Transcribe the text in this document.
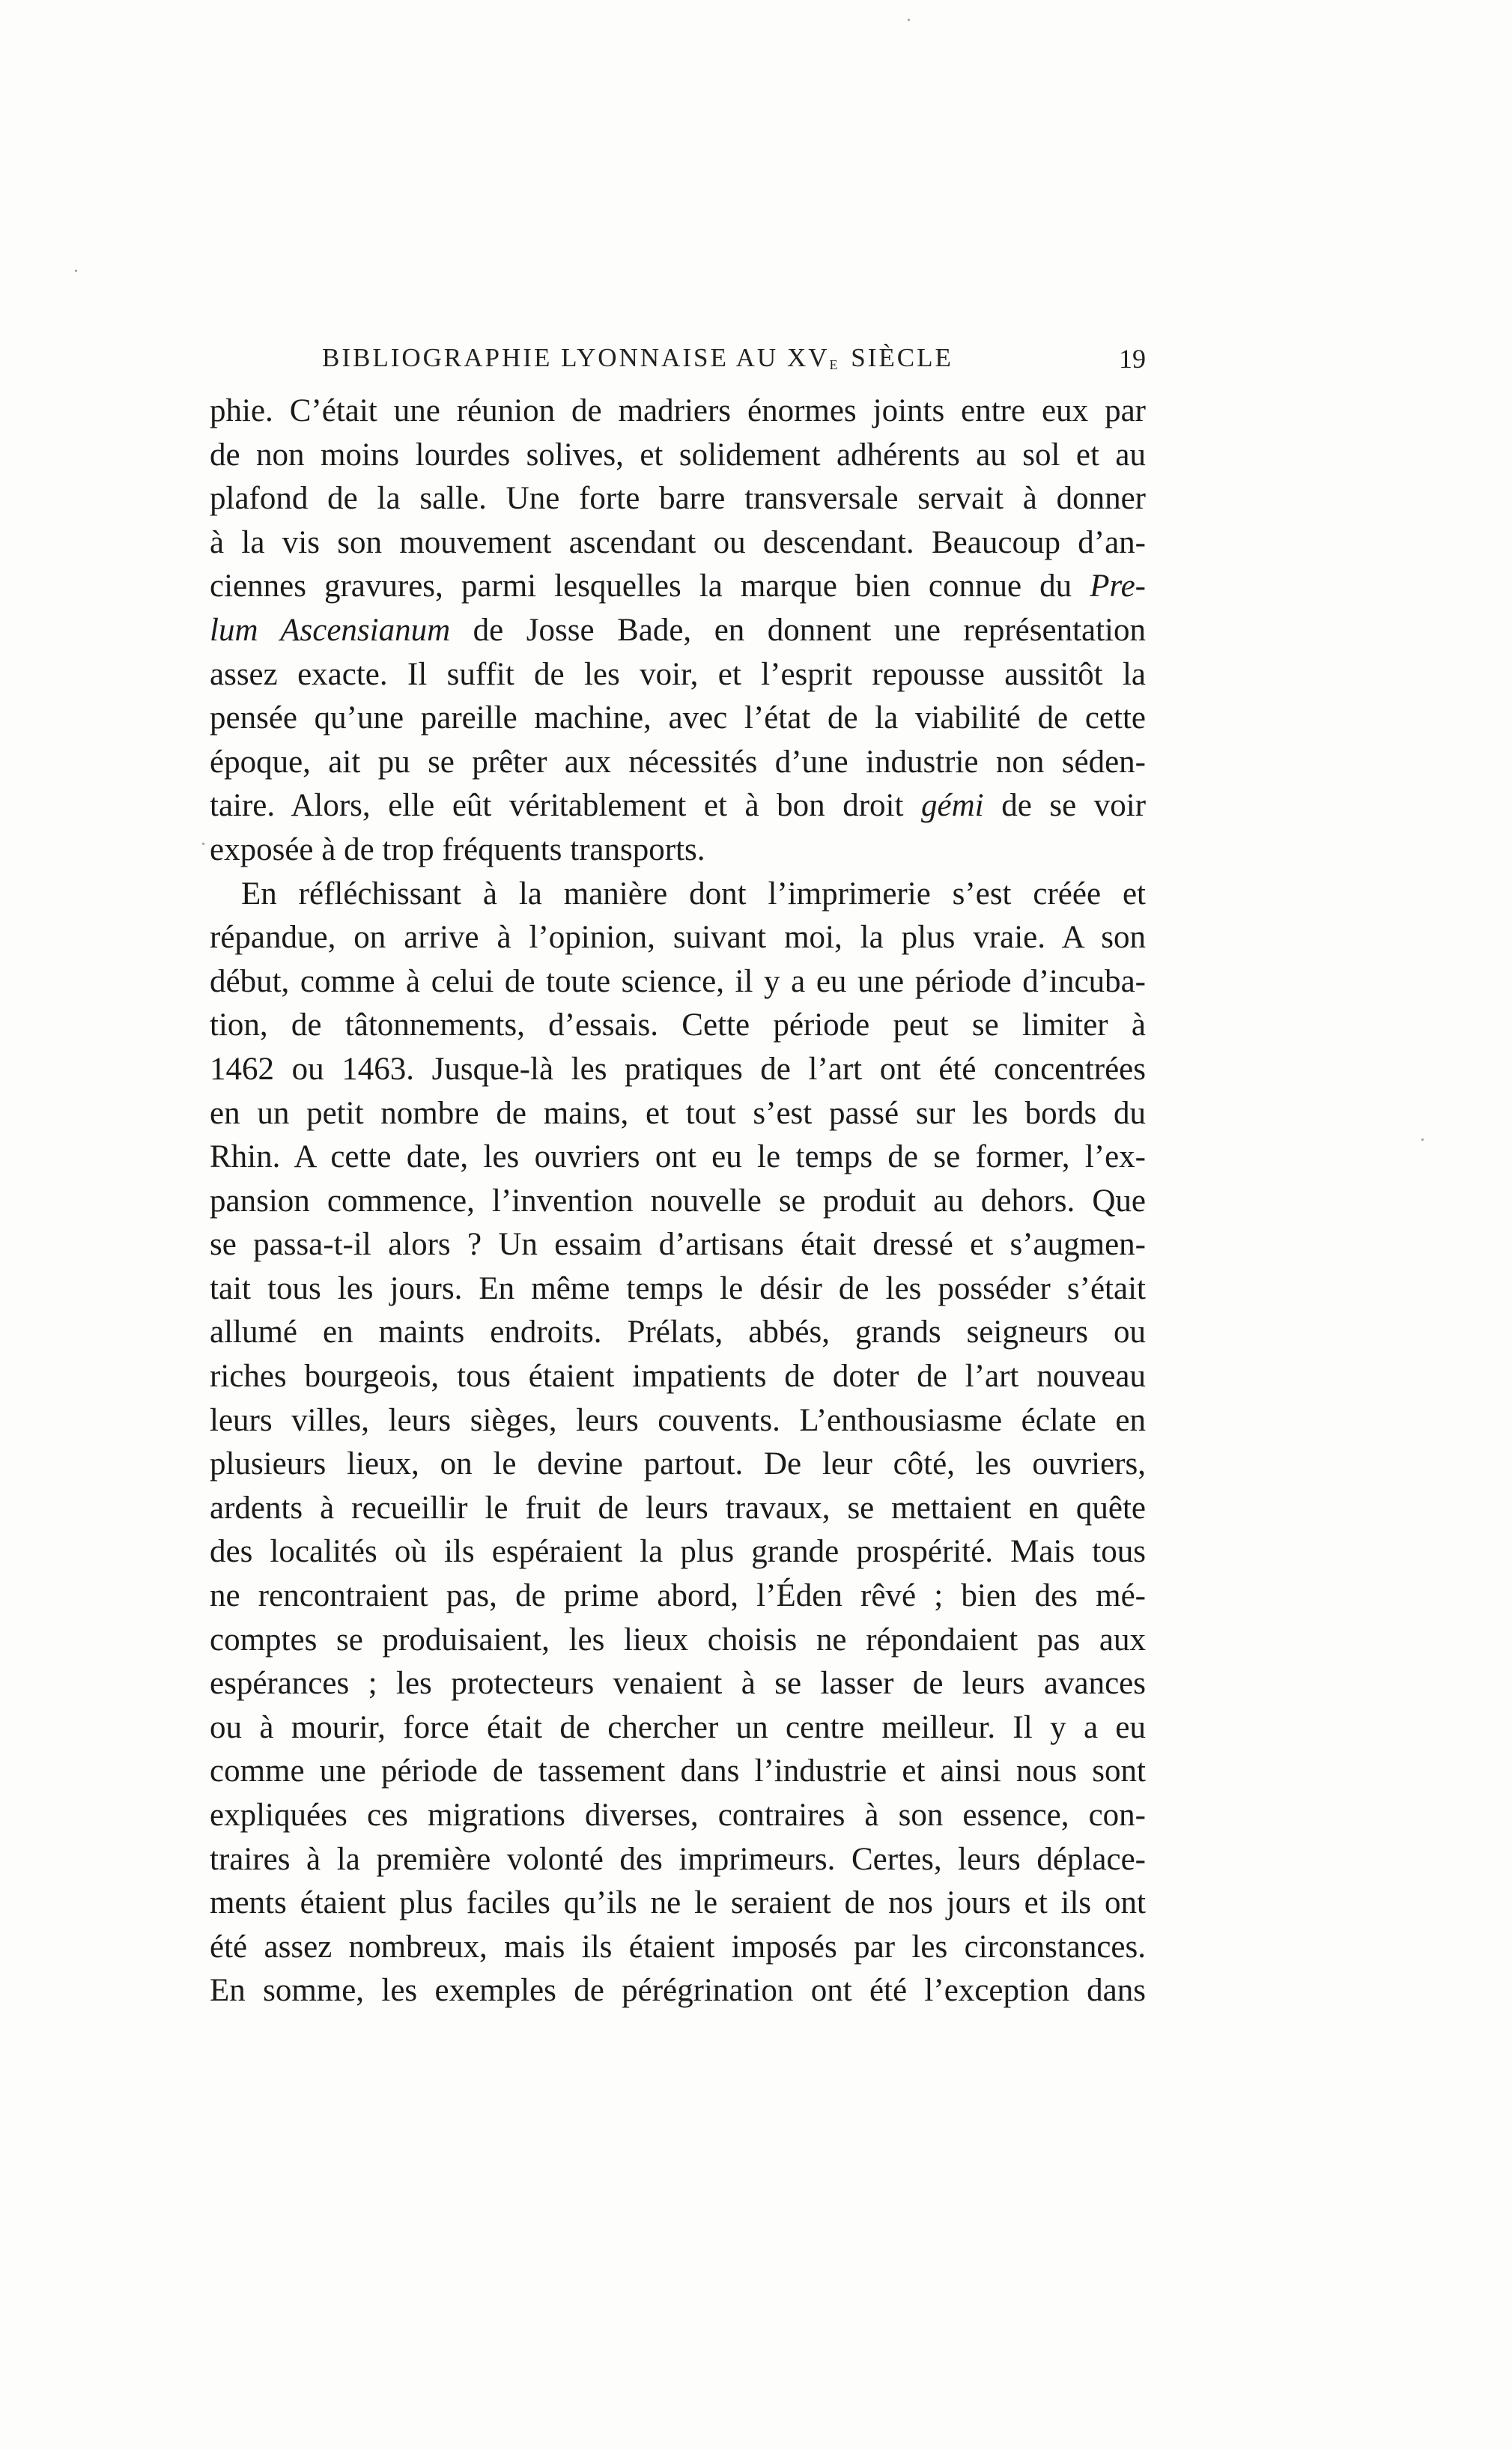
BIBLIOGRAPHIE LYONNAISE AU $XV_E$ SIÈCLE	19
phie. C’était une réunion de madriers énormes joints entre eux par
de non moins lourdes solives, et solidement adhérents au sol et au
plafond de la salle. Une forte barre transversale servait à donner
à la vis son mouvement ascendant ou descendant. Beaucoup d’an-
ciennes gravures, parmi lesquelles la marque bien connue du Pre-
lum Ascensianum de Josse Bade, en donnent une représentation
assez exacte. Il suffit de les voir, et l’esprit repousse aussitôt la
pensée qu’une pareille machine, avec l’état de la viabilité de cette
époque, ait pu se prêter aux nécessités d’une industrie non séden-
taire. Alors, elle eût véritablement et à bon droit gémi de se voir
exposée à de trop fréquents transports.
En réfléchissant à la manière dont l’imprimerie s’est créée et
répandue, on arrive à l’opinion, suivant moi, la plus vraie. A son
début, comme à celui de toute science, il y a eu une période d’incuba-
tion, de tâtonnements, d’essais. Cette période peut se limiter à
1462 ou 1463. Jusque-là les pratiques de l’art ont été concentrées
en un petit nombre de mains, et tout s’est passé sur les bords du
Rhin. A cette date, les ouvriers ont eu le temps de se former, l’ex-
pansion commence, l’invention nouvelle se produit au dehors. Que
se passa-t-il alors ? Un essaim d’artisans était dressé et s’augmen-
tait tous les jours. En même temps le désir de les posséder s’était
allumé en maints endroits. Prélats, abbés, grands seigneurs ou
riches bourgeois, tous étaient impatients de doter de l’art nouveau
leurs villes, leurs sièges, leurs couvents. L’enthousiasme éclate en
plusieurs lieux, on le devine partout. De leur côté, les ouvriers,
ardents à recueillir le fruit de leurs travaux, se mettaient en quête
des localités où ils espéraient la plus grande prospérité. Mais tous
ne rencontraient pas, de prime abord, l’Éden rêvé ; bien des mé-
comptes se produisaient, les lieux choisis ne répondaient pas aux
espérances ; les protecteurs venaient à se lasser de leurs avances
ou à mourir, force était de chercher un centre meilleur. Il y a eu
comme une période de tassement dans l’industrie et ainsi nous sont
expliquées ces migrations diverses, contraires à son essence, con-
traires à la première volonté des imprimeurs. Certes, leurs déplace-
ments étaient plus faciles qu’ils ne le seraient de nos jours et ils ont
été assez nombreux, mais ils étaient imposés par les circonstances.
En somme, les exemples de pérégrination ont été l’exception dans
